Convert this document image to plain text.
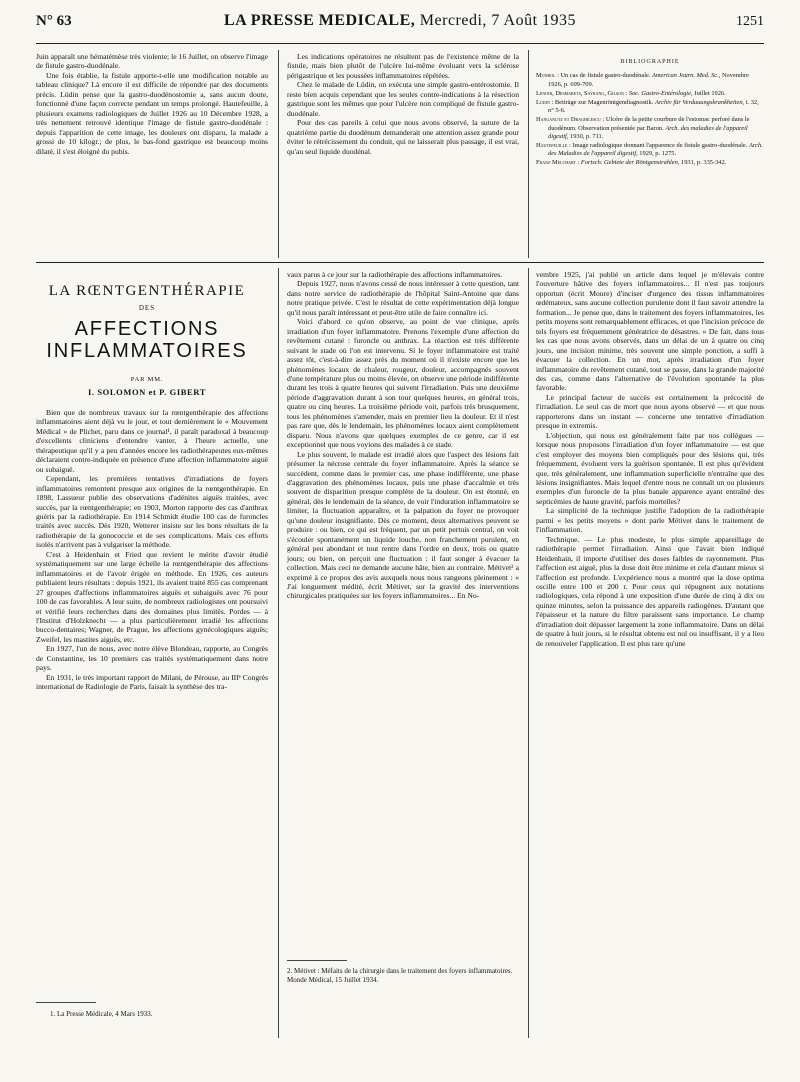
N° 63	LA PRESSE MEDICALE, Mercredi, 7 Août 1935	1251

Juin apparaît une hématémèse très violente; le 16 Juillet, on observe l'image de fistule gastro-duodénale.

Une fois établie, la fistule apporte-t-elle une modification notable au tableau clinique? Là encore il est difficile de répondre par des documents précis. Lüdin pense que la gastro-duodénostomie a, sans aucun doute, fonctionné d'une façon correcte pendant un temps prolongé. Hautefeuille, à plusieurs examens radiologiques de Juillet 1926 au 10 Décembre 1928, a très nettement retrouvé identique l'image de fistule gastro-duodénale : depuis l'apparition de cette image, les douleurs ont disparu, la malade a grossi de 10 kilogr.; de plus, le bas-fond gastrique est beaucoup moins dilaté, il s'est éloigné du pubis.

Les indications opératoires ne résultent pas de l'existence même de la fistule, mais bien plutôt de l'ulcère lui-même évoluant vers la sclérose périgastrique et les poussées inflammatoires répétées.

Chez le malade de Lüdin, on exécuta une simple gastro-entérostomie. Il reste bien acquis cependant que les seules contre-indications à la résection gastrique sont les mêmes que pour l'ulcère non compliqué de fistule gastro-duodénale.

Pour des cas pareils à celui que nous avons observé, la suture de la quatrième partie du duodénum demanderait une attention assez grande pour éviter le rétrécissement du conduit, qui ne laisserait plus passage, il est vrai, qu'au seul liquide duodénal.

BIBLIOGRAPHIE
Monrol : Un cas de fistule gastro-duodénale. American Journ. Med. Sc., Novembre 1926, p. 699-709.
Lenoir, Desmarets, Sayrang, Gilson : Soc. Gastro-Entérologie, Juillet 1926.
Lüdin : Beiträge zur Magenröntgendiagnostik. Archiv für Verdauungskrankheiten, t. 32, n° 5-6.
Hanganutz et Draghilescu : Ulcère de la petite courbure de l'estomac perforé dans le duodénum. Observation présentée par Baron. Arch. des maladies de l'appareil digestif, 1930, p. 711.
Hautefeuille : Image radiologique donnant l'apparence de fistule gastro-duodénale. Arch. des Maladies de l'appareil digestif, 1929, p. 1275.
Franz Melchart : Fortsch. Gebiete der Röntgenstrahlen, 1931, p. 335-342.
LA RŒNTGENTHÉRAPIE
DES
AFFECTIONS
INFLAMMATOIRES
PAR MM.
I. SOLOMON et P. GIBERT

Bien que de nombreux travaux sur la rœntgenthérapie des affections inflammatoires aient déjà vu le jour, et tout dernièrement le « Mouvement Médical » de Plichet, paru dans ce journal¹, il paraît paradoxal à beaucoup d'excellents cliniciens d'entendre vanter, à l'heure actuelle, une thérapeutique qu'il y a peu d'années encore les radiothérapeutes eux-mêmes déclaraient contre-indiquée en présence d'une affection inflammatoire aiguë ou subaiguë.

Cependant, les premières tentatives d'irradiations de foyers inflammatoires remontent presque aux origines de la rœntgenthérapie. En 1898, Lassueur publie des observations d'adénites aiguës traitées, avec succès, par la rœntgenthérapie; en 1903, Morton rapporte des cas d'anthrax guéris par la radiothérapie. En 1914 Schmidt étudie 100 cas de furoncles traités avec succès. Dès 1920, Wetterer insiste sur les bons résultats de la radiothérapie de la gonococcie et de ses complications. Mais ces efforts isolés n'arrivent pas à vulgariser la méthode.

C'est à Heidenhain et Fried que revient le mérite d'avoir étudié systématiquement sur une large échelle la rœntgenthérapie des affections inflammatoires et de l'avoir érigée en méthode. En 1926, ces auteurs publiaient leurs résultats : depuis 1921, ils avaient traité 855 cas comprenant 27 groupes d'affections inflammatoires aiguës et subaiguës avec 76 pour 100 de cas favorables. A leur suite, de nombreux radiologistes ont poursuivi et vérifié leurs recherches dans des domaines plus limités. Pordes — à l'Institut d'Holzknecht — a plus particulièrement irradié les affections bucco-dentaires; Wagner, de Prague, les affections gynécologiques aiguës; Zweifel, les mastites aiguës, etc.

En 1927, l'un de nous, avec notre élève Blondeau, rapporte, au Congrès de Constantine, les 10 premiers cas traités systématiquement dans notre pays.

En 1931, le très important rapport de Milani, de Pérouse, au IIIᵉ Congrès international de Radiologie de Paris, faisait la synthèse des tra-

1. La Presse Médicale, 4 Mars 1933.

vaux parus à ce jour sur la radiothérapie des affections inflammatoires.

Depuis 1927, nous n'avons cessé de nous intéresser à cette question, tant dans notre service de radiothérapie de l'hôpital Saint-Antoine que dans notre pratique privée. C'est le résultat de cette expérimentation déjà longue qu'il nous paraît intéressant et peut-être utile de faire connaître ici.

Voici d'abord ce qu'on observe, au point de vue clinique, après irradiation d'un foyer inflammatoire. Prenons l'exemple d'une affection du revêtement cutané : furoncle ou anthrax. La réaction est très différente suivant le stade où l'on est intervenu. Si le foyer inflammatoire est traité assez tôt, c'est-à-dire assez près du moment où il n'existe encore que les phénomènes locaux de chaleur, rougeur, douleur, accompagnés souvent d'une température plus ou moins élevée, on observe une période indifférente durant les trois à quatre heures qui suivent l'irradiation. Puis une deuxième période d'aggravation durant à son tour quelques heures, en général trois, quatre ou cinq heures. La troisième période voit, parfois très brusquement, tous les phénomènes s'amender, mais en premier lieu la douleur. Et il n'est pas rare que, dès le lendemain, les phénomènes locaux aient complètement disparu. Nous n'avons que quelques exemples de ce genre, car il est exceptionnel que nous voyions des malades à ce stade.

Le plus souvent, le malade est irradié alors que l'aspect des lésions fait présumer la nécrose centrale du foyer inflammatoire. Après la séance se succèdent, comme dans le premier cas, une phase indifférente, une phase d'aggravation des phénomènes locaux, puis une phase d'accalmie et très souvent de disparition presque complète de la douleur. On est étonné, en général, dès le lendemain de la séance, de voir l'induration inflammatoire se limiter, la fluctuation apparaître, et la palpation du foyer ne provoquer qu'une douleur insignifiante. Dès ce moment, deux alternatives peuvent se produire : ou bien, ce qui est fréquent, par un petit pertuis central, on voit s'écouler spontanément un liquide louche, non franchement purulent, en général peu abondant et tout rentre dans l'ordre en deux, trois ou quatre jours; ou bien, on perçoit une fluctuation : il faut songer à évacuer la collection. Mais ceci ne demande aucune hâte, bien au contraire. Métivet² a exprimé à ce propos des avis auxquels nous nous rangeons pleinement : « J'ai longuement médité, écrit Métivet, sur la gravité des interventions chirurgicales pratiquées sur les foyers inflammatoires... En No-

2. Métivet : Méfaits de la chirurgie dans le traitement des foyers inflammatoires. Monde Médical, 15 Juillet 1934.

vembre 1925, j'ai publié un article dans lequel je m'élevais contre l'ouverture hâtive des foyers inflammatoires... Il n'est pas toujours opportun (écrit Moure) d'inciser d'urgence des tissus inflammatoires œdémateux, sans aucune collection purulente dont il faut savoir attendre la formation... Je pense que, dans le traitement des foyers inflammatoires, les petits moyens sont remarquablement efficaces, et que l'incision précoce de tels foyers est fréquemment génératrice de désastres. » De fait, dans tous les cas que nous avons observés, dans un délai de un à quatre ou cinq jours, une incision minime, très souvent une simple ponction, a suffi à évacuer la collection. En un mot, après irradiation d'un foyer inflammatoire du revêtement cutané, tout se passe, dans la grande majorité des cas, comme dans l'alternative de l'évolution spontanée la plus favorable.

Le principal facteur de succès est certainement la précocité de l'irradiation. Le seul cas de mort que nous ayons observé — et que nous rapporterons dans un instant — concerne une tentative d'irradiation presque in extremis.

L'objection, qui nous est généralement faite par nos collègues — lorsque nous proposons l'irradiation d'un foyer inflammatoire — est que c'est employer des moyens bien compliqués pour des lésions qui, très fréquemment, évoluent vers la guérison spontanée. Il est plus qu'évident que, très généralement, une inflammation superficielle n'entraîne que des lésions insignifiantes. Mais lequel d'entre nous ne connaît un ou plusieurs exemples d'un furoncle de la plus banale apparence ayant entraîné des septicémies de haute gravité, parfois mortelles?

La simplicité de la technique justifie l'adoption de la radiothérapie parmi « les petits moyens » dont parle Métivet dans le traitement de l'inflammation.

Technique. — Le plus modeste, le plus simple appareillage de radiothérapie permet l'irradiation. Ainsi que l'avait bien indiqué Heidenhain, il importe d'utiliser des doses faibles de rayonnement. Plus l'affection est aiguë, plus la dose doit être minime et cela d'autant mieux si l'affection est profonde. L'expérience nous a montré que la dose optima oscille entre 100 et 200 r. Pour ceux qui répugnent aux notations radiologiques, cela répond à une exposition d'une durée de cinq à dix ou quinze minutes, selon la puissance des appareils radiogènes. D'autant que l'épaisseur et la nature du filtre paraissent sans importance. Le champ d'irradiation doit dépasser largement la zone inflammatoire. Dans un délai de quatre à huit jours, si le résultat obtenu est nul ou insuffisant, il y a lieu de renouveler l'application. Il est plus rare qu'une
